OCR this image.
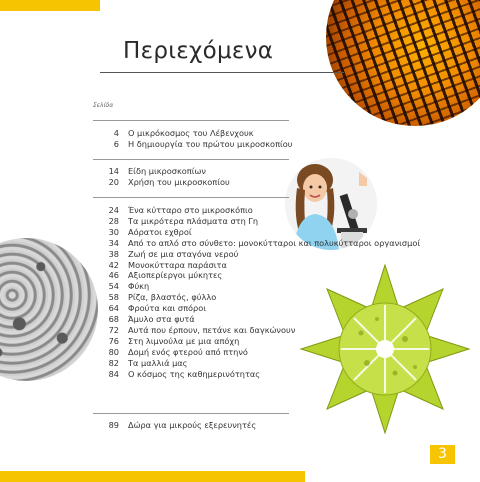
3
Περιεχόμενα
Σελίδα
4 Ο μικρόκοσμος του Λέβενχουκ
6 Η δημιουργία του πρώτου μικροσκοπίου
14 Είδη μικροσκοπίων
20 Χρήση του μικροσκοπίου
24 Ένα κύτταρο στο μικροσκόπιο
28 Τα μικρότερα πλάσματα στη Γη
30 Αόρατοι εχθροί
34 Από το απλό στο σύνθετο: μονοκύτταροι και πολυκύτταροι οργανισμοί
38 Ζωή σε μια σταγόνα νερού
42 Μονοκύτταρα παράσιτα
46 Αξιοπερίεργοι μύκητες
54 Φύκη
58 Ρίζα, βλαστός, φύλλο
64 Φρούτα και σπόροι
68 Άμυλο στα φυτά
72 Αυτά που έρπουν, πετάνε και δαγκώνουν
76 Στη λιμνούλα με μια απόχη
80 Δομή ενός φτερού από πτηνό
82 Τα μαλλιά μας
84 Ο κόσμος της καθημερινότητας
89 Δώρα για μικρούς εξερευνητές
